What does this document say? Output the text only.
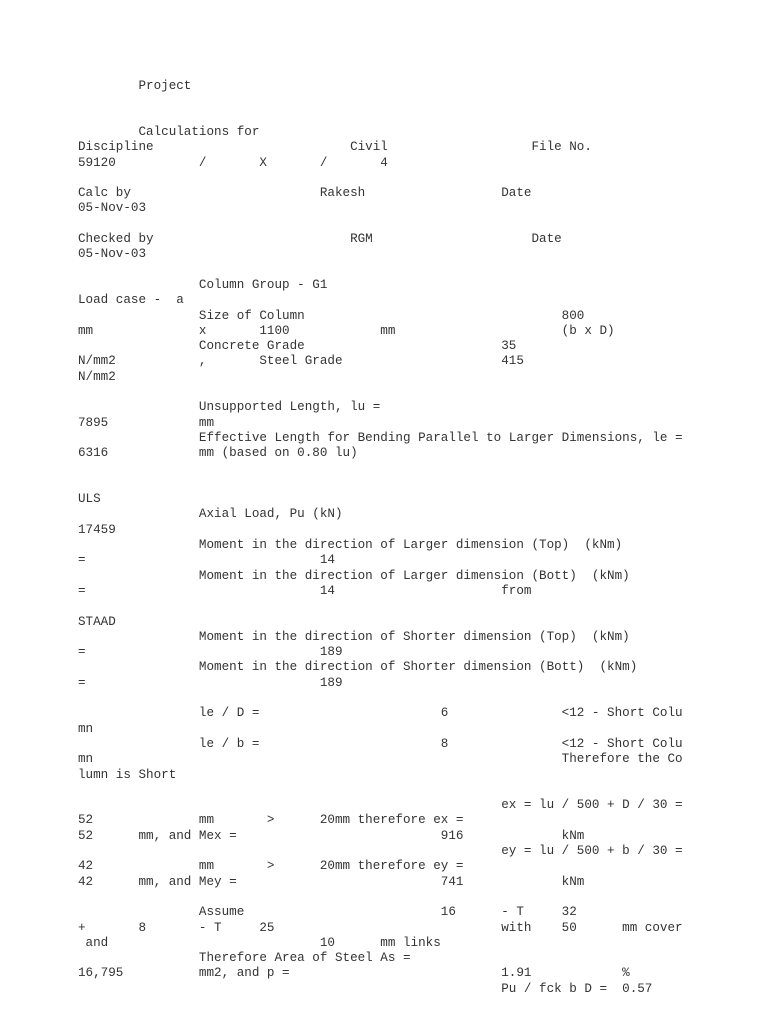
Project
Calculations for
Discipline                          Civil                   File No.
59120           /       X       /       4
Calc by                         Rakesh                  Date
05-Nov-03
Checked by                          RGM                     Date
05-Nov-03
Column Group - G1
Load case -  a
Size of Column                                  800
mm              x       1100            mm                      (b x D)
Concrete Grade                          35
N/mm2           ,       Steel Grade                     415
N/mm2
Unsupported Length, lu =
7895            mm
Effective Length for Bending Parallel to Larger Dimensions, le =
6316            mm (based on 0.80 lu)
ULS
Axial Load, Pu (kN)
17459
Moment in the direction of Larger dimension (Top)  (kNm)
=                               14
Moment in the direction of Larger dimension (Bott)  (kNm)
=                               14                      from
STAAD
Moment in the direction of Shorter dimension (Top)  (kNm)
=                               189
Moment in the direction of Shorter dimension (Bott)  (kNm)
=                               189
le / D =                        6               <12 - Short Colu
mn
le / b =                        8               <12 - Short Colu
mn                                                              Therefore the Co
lumn is Short
ex = lu / 500 + D / 30 =
52              mm       >      20mm therefore ex =
52      mm, and Mex =                           916             kNm
ey = lu / 500 + b / 30 =
42              mm       >      20mm therefore ey =
42      mm, and Mey =                           741             kNm
Assume                          16      - T     32
+       8       - T     25                              with    50      mm cover
and                            10      mm links
Therefore Area of Steel As =
16,795          mm2, and p =                            1.91            %
Pu / fck b D =  0.57
